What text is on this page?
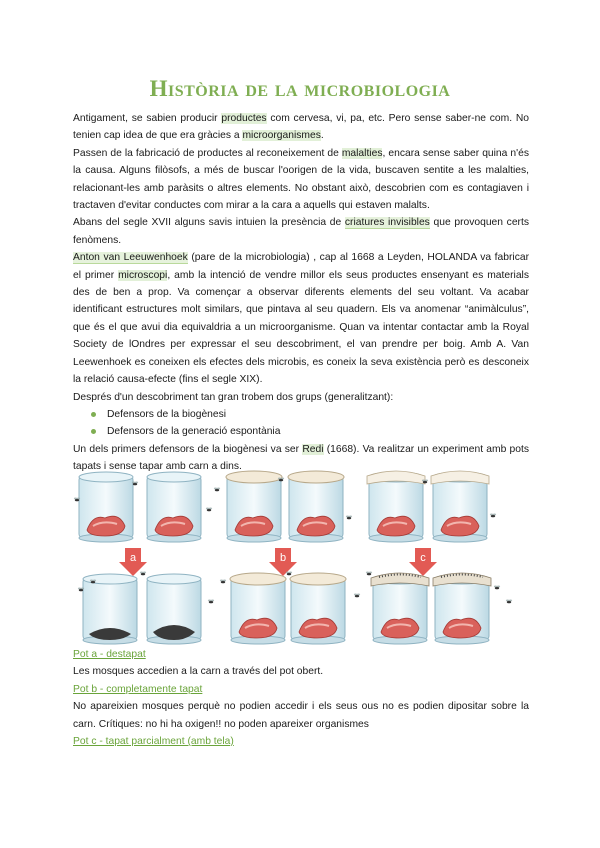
Història de la microbiologia

Antigament, se sabien producir productes com cervesa, vi, pa, etc. Pero sense saber-ne com. No tenien cap idea de que era gràcies a microorganismes.

Passen de la fabricació de productes al reconeixement de malalties, encara sense saber quina n'és la causa. Alguns filòsofs, a més de buscar l'oorigen de la vida, buscaven sentite a les malalties, relacionant-les amb paràsits o altres elements. No obstant això, descobrien com es contagiaven i tractaven d'evitar conductes com mirar a la cara a aquells qui estaven malalts.

Abans del segle XVII alguns savis intuien la presència de criatures invisibles que provoquen certs fenòmens.

Anton van Leeuwenhoek (pare de la microbiologia) , cap al 1668 a Leyden, HOLANDA va fabricar el primer microscopi, amb la intenció de vendre millor els seus productes ensenyant es materials des de ben a prop. Va començar a observar diferents elements del seu voltant. Va acabar identificant estructures molt similars, que pintava al seu quadern. Els va anomenar “animàlculus”, que és el que avui dia equivaldria a un microorganisme. Quan va intentar contactar amb la Royal Society de lOndres per expressar el seu descobriment, el van prendre per boig. Amb A. Van Leewenhoek es coneixen els efectes dels microbis, es coneix la seva existència però es desconeix la relació causa-efecte (fins el segle XIX).

Després d'un descobriment tan gran trobem dos grups (generalitzant):

Defensors de la biogènesi
Defensors de la generació espontània

Un dels primers defensors de la biogènesi va ser Redi (1668). Va realitzar un experiment amb pots tapats i sense tapar amb carn a dins.

a	b	c
Pot a - destapat
Les mosques accedien a la carn a través del pot obert.
Pot b - completamente tapat
No apareixien mosques perquè no podien accedir i els seus ous no es podien dipositar sobre la carn. Crítiques: no hi ha oxigen!! no poden apareixer organismes
Pot c - tapat parcialment (amb tela)
